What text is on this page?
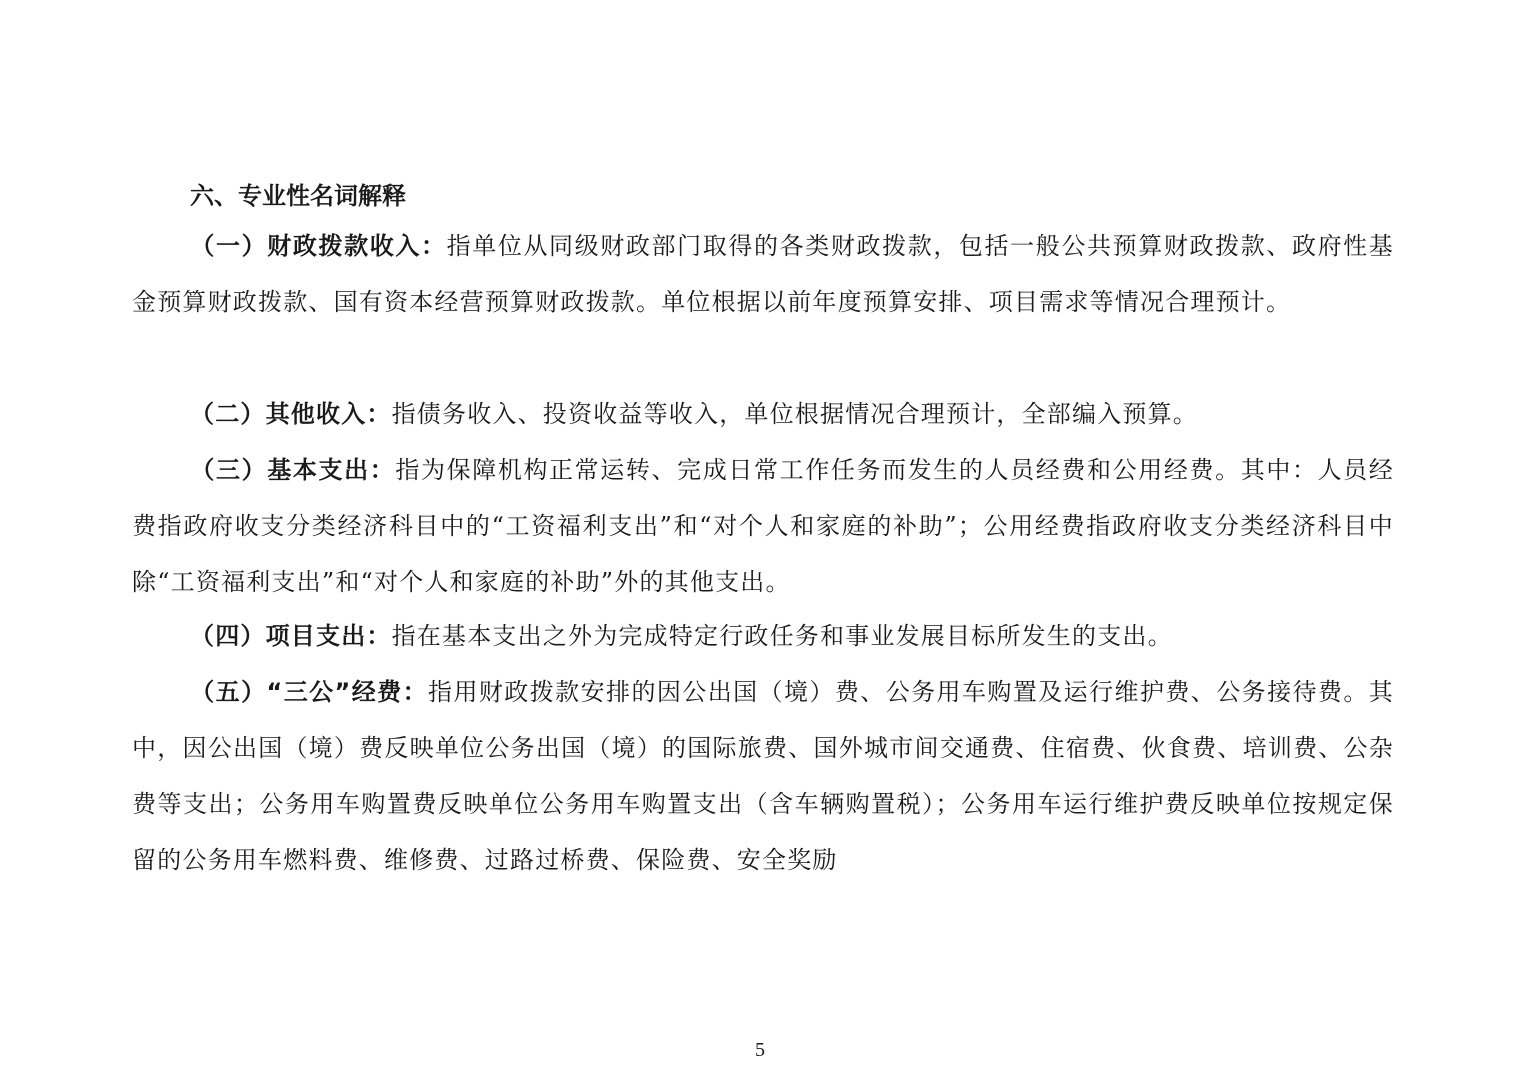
六、专业性名词解释

（一）财政拨款收入：指单位从同级财政部门取得的各类财政拨款，包括一般公共预算财政拨款、政府性基金预算财政拨款、国有资本经营预算财政拨款。单位根据以前年度预算安排、项目需求等情况合理预计。

（二）其他收入：指债务收入、投资收益等收入，单位根据情况合理预计，全部编入预算。

（三）基本支出：指为保障机构正常运转、完成日常工作任务而发生的人员经费和公用经费。其中：人员经费指政府收支分类经济科目中的“工资福利支出”和“对个人和家庭的补助”；公用经费指政府收支分类经济科目中除“工资福利支出”和“对个人和家庭的补助”外的其他支出。

（四）项目支出：指在基本支出之外为完成特定行政任务和事业发展目标所发生的支出。

（五）“三公”经费：指用财政拨款安排的因公出国（境）费、公务用车购置及运行维护费、公务接待费。其中，因公出国（境）费反映单位公务出国（境）的国际旅费、国外城市间交通费、住宿费、伙食费、培训费、公杂费等支出；公务用车购置费反映单位公务用车购置支出（含车辆购置税）；公务用车运行维护费反映单位按规定保留的公务用车燃料费、维修费、过路过桥费、保险费、安全奖励

5
